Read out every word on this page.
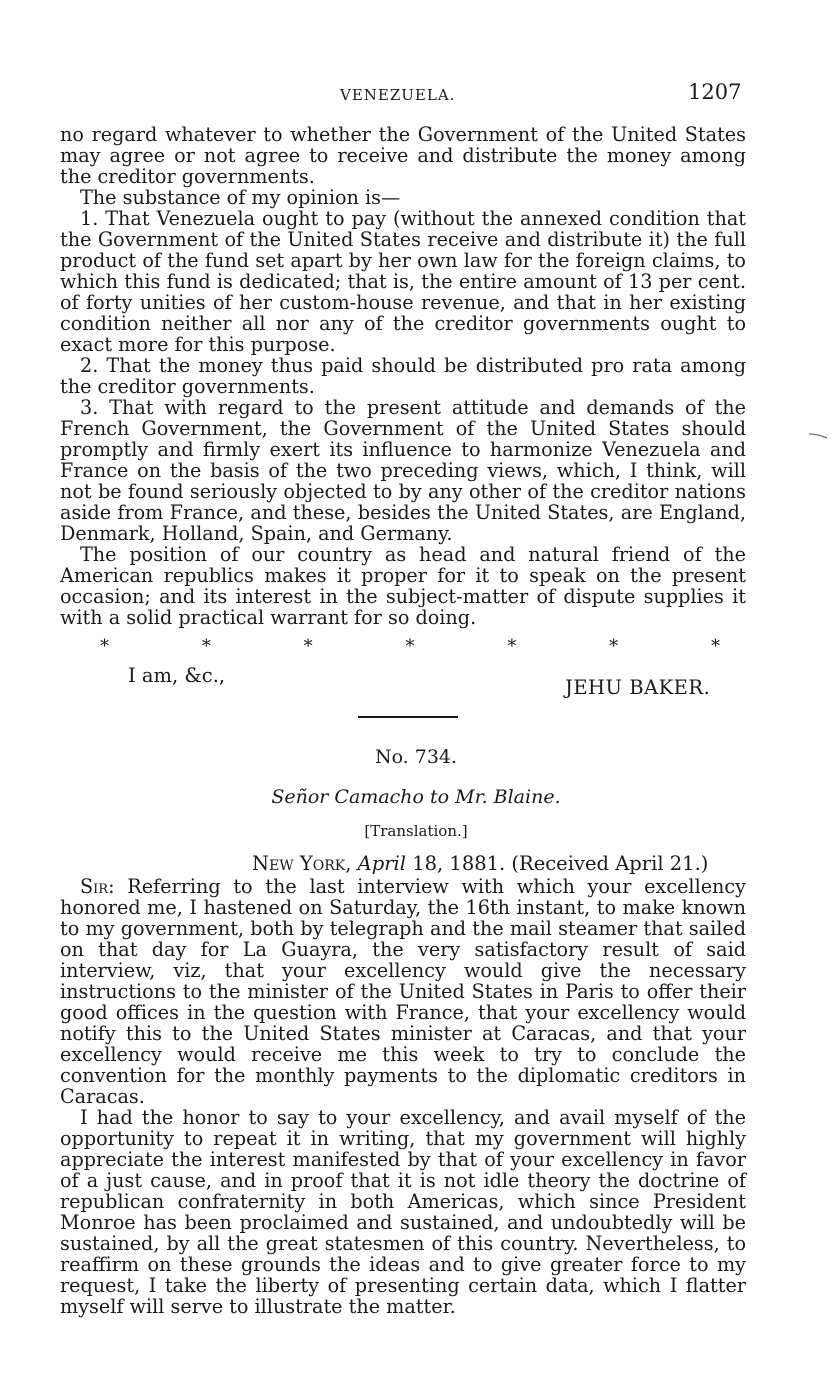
VENEZUELA.	1207

no regard whatever to whether the Government of the United States may agree or not agree to receive and distribute the money among the creditor governments.

The substance of my opinion is—

1. That Venezuela ought to pay (without the annexed condition that the Government of the United States receive and distribute it) the full product of the fund set apart by her own law for the foreign claims, to which this fund is dedicated; that is, the entire amount of 13 per cent. of forty unities of her custom-house revenue, and that in her existing condition neither all nor any of the creditor governments ought to exact more for this purpose.

2. That the money thus paid should be distributed pro rata among the creditor governments.

3. That with regard to the present attitude and demands of the French Government, the Government of the United States should promptly and firmly exert its influence to harmonize Venezuela and France on the basis of the two preceding views, which, I think, will not be found seriously objected to by any other of the creditor nations aside from France, and these, besides the United States, are England, Denmark, Holland, Spain, and Germany.

The position of our country as head and natural friend of the American republics makes it proper for it to speak on the present occasion; and its interest in the subject-matter of dispute supplies it with a solid practical warrant for so doing.

*	*	*	*	*	*	*
I am, &c.,
JEHU BAKER.
No. 734.
Señor Camacho to Mr. Blaine.
[Translation.]
New York, April 18, 1881. (Received April 21.)

Sir: Referring to the last interview with which your excellency honored me, I hastened on Saturday, the 16th instant, to make known to my government, both by telegraph and the mail steamer that sailed on that day for La Guayra, the very satisfactory result of said interview, viz, that your excellency would give the necessary instructions to the minister of the United States in Paris to offer their good offices in the question with France, that your excellency would notify this to the United States minister at Caracas, and that your excellency would receive me this week to try to conclude the convention for the monthly payments to the diplomatic creditors in Caracas.

I had the honor to say to your excellency, and avail myself of the opportunity to repeat it in writing, that my government will highly appreciate the interest manifested by that of your excellency in favor of a just cause, and in proof that it is not idle theory the doctrine of republican confraternity in both Americas, which since President Monroe has been proclaimed and sustained, and undoubtedly will be sustained, by all the great statesmen of this country. Nevertheless, to reaffirm on these grounds the ideas and to give greater force to my request, I take the liberty of presenting certain data, which I flatter myself will serve to illustrate the matter.
